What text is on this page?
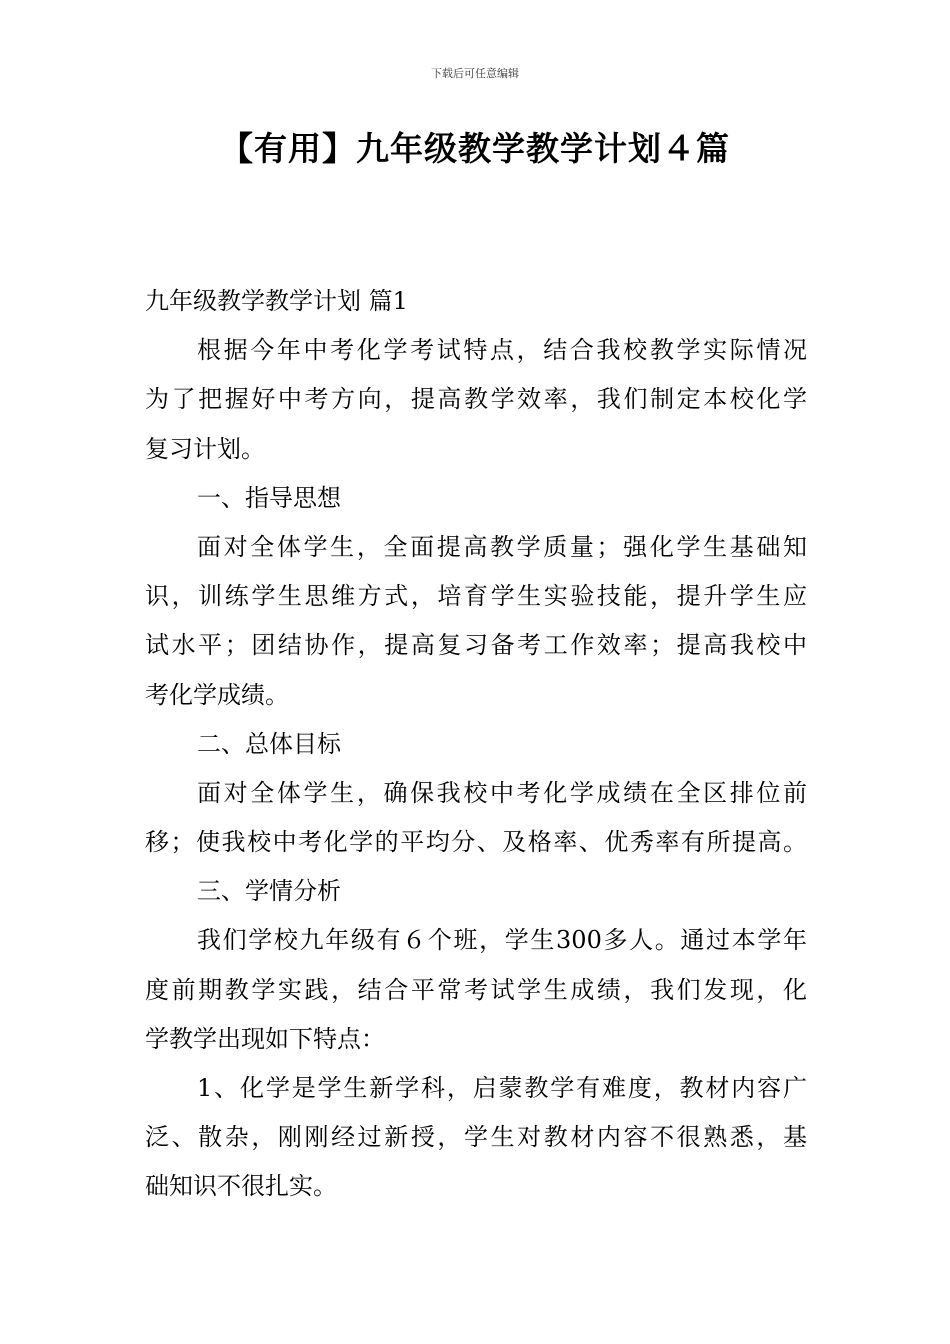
下载后可任意编辑
【有用】九年级教学教学计划４篇
九年级教学教学计划 篇1
根据今年中考化学考试特点，结合我校教学实际情况
为了把握好中考方向，提高教学效率，我们制定本校化学
复习计划。
一、指导思想
面对全体学生，全面提高教学质量；强化学生基础知
识，训练学生思维方式，培育学生实验技能，提升学生应
试水平；团结协作，提高复习备考工作效率；提高我校中
考化学成绩。
二、总体目标
面对全体学生，确保我校中考化学成绩在全区排位前
移；使我校中考化学的平均分、及格率、优秀率有所提高。
三、学情分析
我们学校九年级有６个班，学生300多人。通过本学年
度前期教学实践，结合平常考试学生成绩，我们发现，化
学教学出现如下特点：
1、化学是学生新学科，启蒙教学有难度，教材内容广
泛、散杂，刚刚经过新授，学生对教材内容不很熟悉，基
础知识不很扎实。
